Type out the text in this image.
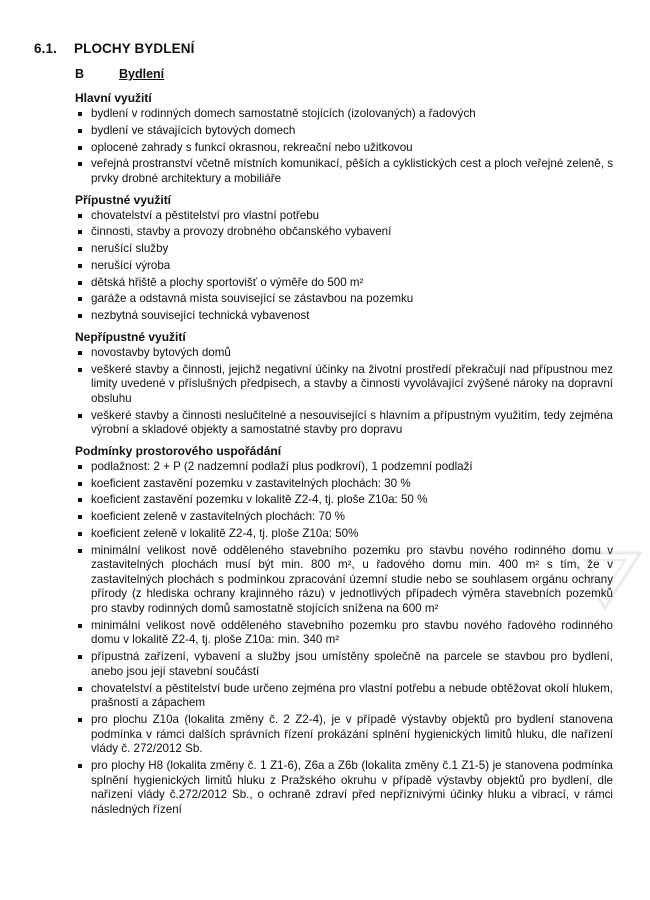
6.1. PLOCHY BYDLENÍ
B	Bydlení

Hlavní využití

bydlení v rodinných domech samostatně stojících (izolovaných) a řadových
bydlení ve stávajících bytových domech
oplocené zahrady s funkcí okrasnou, rekreační nebo užitkovou
veřejná prostranství včetně místních komunikací, pěších a cyklistických cest a ploch veřejné zeleně, s prvky drobné architektury a mobiliáře

Přípustné využití

chovatelství a pěstitelství pro vlastní potřebu
činnosti, stavby a provozy drobného občanského vybavení
nerušící služby
nerušící výroba
dětská hřiště a plochy sportovišť o výměře do 500 m²
garáže a odstavná místa související se zástavbou na pozemku
nezbytná související technická vybavenost

Nepřípustné využití

novostavby bytových domů
veškeré stavby a činnosti, jejichž negativní účinky na životní prostředí překračují nad přípustnou mez limity uvedené v příslušných předpisech, a stavby a činnosti vyvolávající zvýšené nároky na dopravní obsluhu
veškeré stavby a činnosti neslučitelné a nesouvisející s hlavním a přípustným využitím, tedy zejména výrobní a skladové objekty a samostatné stavby pro dopravu

Podmínky prostorového uspořádání

podlažnost: 2 + P (2 nadzemní podlaží plus podkroví), 1 podzemní podlaží
koeficient zastavění pozemku v zastavitelných plochách: 30 %
koeficient zastavění pozemku v lokalitě Z2-4, tj. ploše Z10a: 50 %
koeficient zeleně v zastavitelných plochách: 70 %
koeficient zeleně v lokalitě Z2-4, tj. ploše Z10a: 50%
minimální velikost nově odděleného stavebního pozemku pro stavbu nového rodinného domu v zastavitelných plochách musí být min. 800 m², u řadového domu min. 400 m² s tím, že v zastavitelných plochách s podmínkou zpracování územní studie nebo se souhlasem orgánu ochrany přírody (z hlediska ochrany krajinného rázu) v jednotlivých případech výměra stavebních pozemků pro stavby rodinných domů samostatně stojících snížena na 600 m²
minimální velikost nově odděleného stavebního pozemku pro stavbu nového řadového rodinného domu v lokalitě Z2-4, tj. ploše Z10a: min. 340 m²
přípustná zařízení, vybavení a služby jsou umístěny společně na parcele se stavbou pro bydlení, anebo jsou její stavební součástí
chovatelství a pěstitelství bude určeno zejména pro vlastní potřebu a nebude obtěžovat okolí hlukem, prašností a zápachem
pro plochu Z10a (lokalita změny č. 2 Z2-4), je v případě výstavby objektů pro bydlení stanovena podmínka v rámci dalších správních řízení prokázání splnění hygienických limitů hluku, dle nařízení vlády č. 272/2012 Sb.
pro plochy H8 (lokalita změny č. 1 Z1-6), Z6a a Z6b (lokalita změny č.1 Z1-5) je stanovena podmínka splnění hygienických limitů hluku z Pražského okruhu v případě výstavby objektů pro bydlení, dle nařízení vlády č.272/2012 Sb., o ochraně zdraví před nepříznivými účinky hluku a vibrací, v rámci následných řízení
